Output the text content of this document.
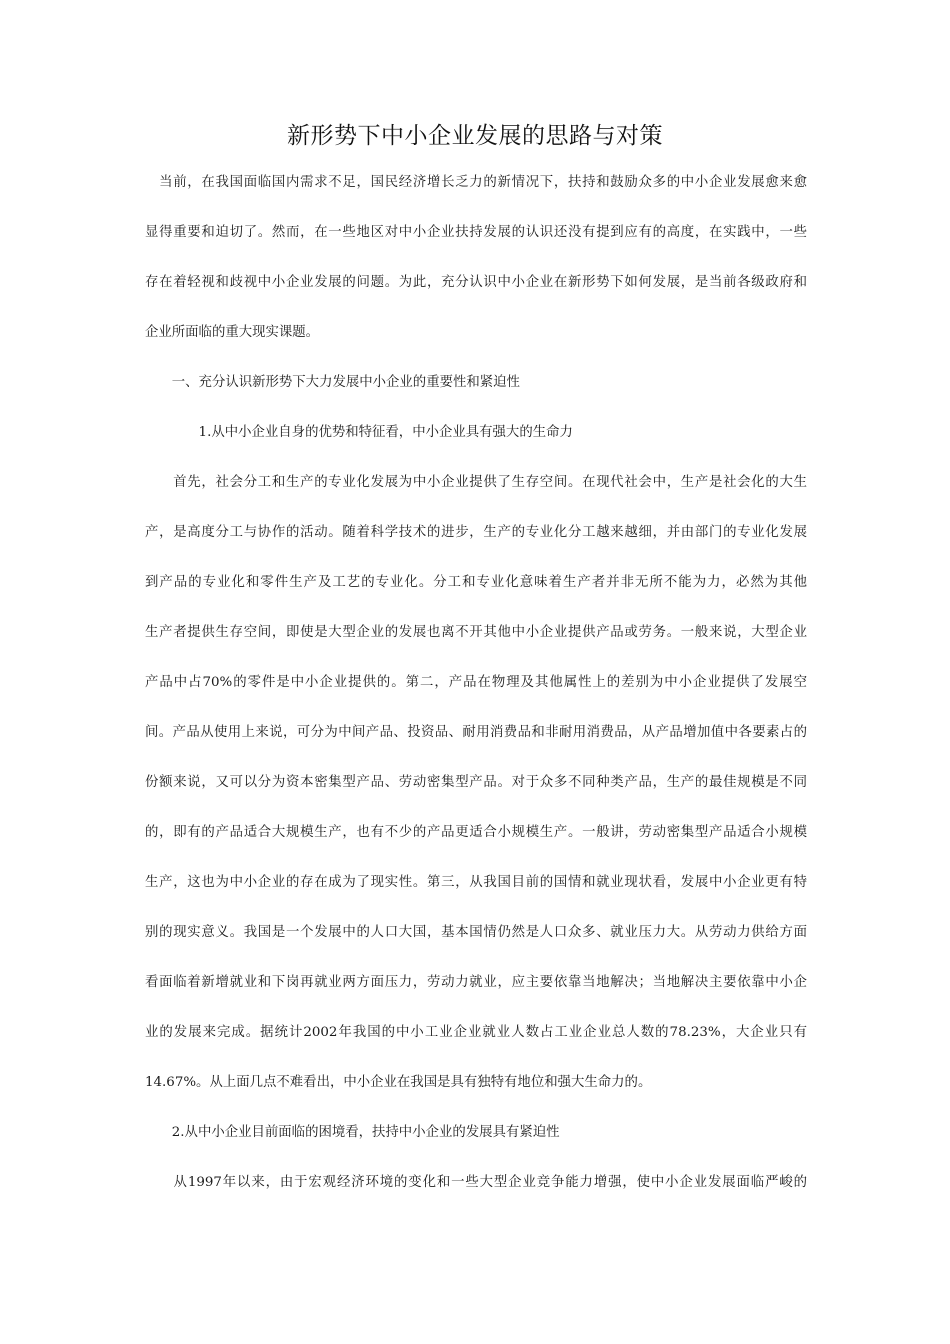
新形势下中小企业发展的思路与对策
　当前，在我国面临国内需求不足，国民经济增长乏力的新情况下，扶持和鼓励众多的中小企业发展愈来愈
显得重要和迫切了。然而，在一些地区对中小企业扶持发展的认识还没有提到应有的高度，在实践中，一些
存在着轻视和歧视中小企业发展的问题。为此，充分认识中小企业在新形势下如何发展，是当前各级政府和
企业所面临的重大现实课题。
　　一、充分认识新形势下大力发展中小企业的重要性和紧迫性
　　　　1.从中小企业自身的优势和特征看，中小企业具有强大的生命力
　　首先，社会分工和生产的专业化发展为中小企业提供了生存空间。在现代社会中，生产是社会化的大生
产，是高度分工与协作的活动。随着科学技术的进步，生产的专业化分工越来越细，并由部门的专业化发展
到产品的专业化和零件生产及工艺的专业化。分工和专业化意味着生产者并非无所不能为力，必然为其他
生产者提供生存空间，即使是大型企业的发展也离不开其他中小企业提供产品或劳务。一般来说，大型企业
产品中占70%的零件是中小企业提供的。第二，产品在物理及其他属性上的差别为中小企业提供了发展空
间。产品从使用上来说，可分为中间产品、投资品、耐用消费品和非耐用消费品，从产品增加值中各要素占的
份额来说，又可以分为资本密集型产品、劳动密集型产品。对于众多不同种类产品，生产的最佳规模是不同
的，即有的产品适合大规模生产，也有不少的产品更适合小规模生产。一般讲，劳动密集型产品适合小规模
生产，这也为中小企业的存在成为了现实性。第三，从我国目前的国情和就业现状看，发展中小企业更有特
别的现实意义。我国是一个发展中的人口大国，基本国情仍然是人口众多、就业压力大。从劳动力供给方面
看面临着新增就业和下岗再就业两方面压力，劳动力就业，应主要依靠当地解决；当地解决主要依靠中小企
业的发展来完成。据统计2002年我国的中小工业企业就业人数占工业企业总人数的78.23%，大企业只有
14.67%。从上面几点不难看出，中小企业在我国是具有独特有地位和强大生命力的。
　　2.从中小企业目前面临的困境看，扶持中小企业的发展具有紧迫性
　　从1997年以来，由于宏观经济环境的变化和一些大型企业竞争能力增强，使中小企业发展面临严峻的
